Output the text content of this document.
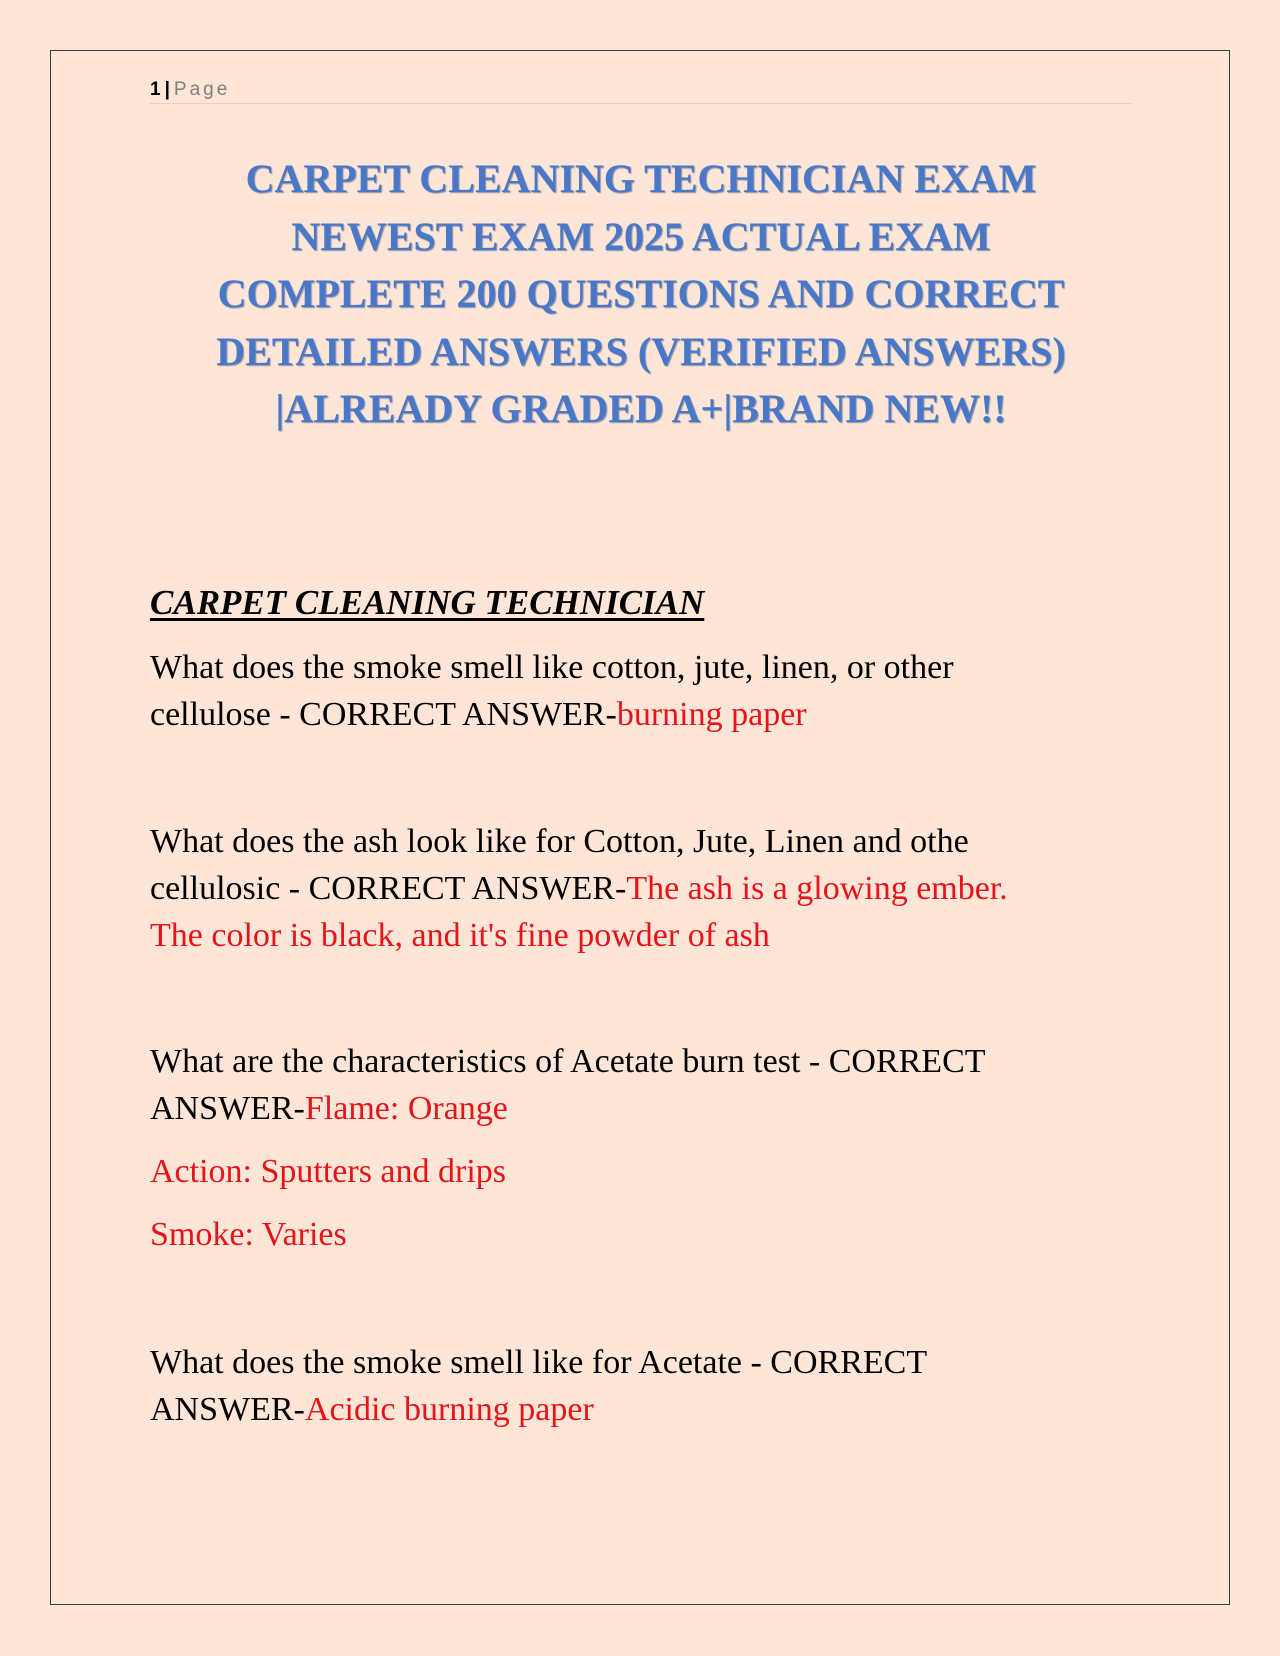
1 | Page
CARPET CLEANING TECHNICIAN EXAM
NEWEST EXAM 2025 ACTUAL EXAM
COMPLETE 200 QUESTIONS AND CORRECT
DETAILED ANSWERS (VERIFIED ANSWERS)
|ALREADY GRADED A+|BRAND NEW!!
CARPET CLEANING TECHNICIAN
What does the smoke smell like cotton, jute, linen, or other
cellulose - CORRECT ANSWER-burning paper
What does the ash look like for Cotton, Jute, Linen and othe
cellulosic - CORRECT ANSWER-The ash is a glowing ember.
The color is black, and it's fine powder of ash
What are the characteristics of Acetate burn test - CORRECT
ANSWER-Flame: Orange
Action: Sputters and drips
Smoke: Varies
What does the smoke smell like for Acetate - CORRECT
ANSWER-Acidic burning paper
